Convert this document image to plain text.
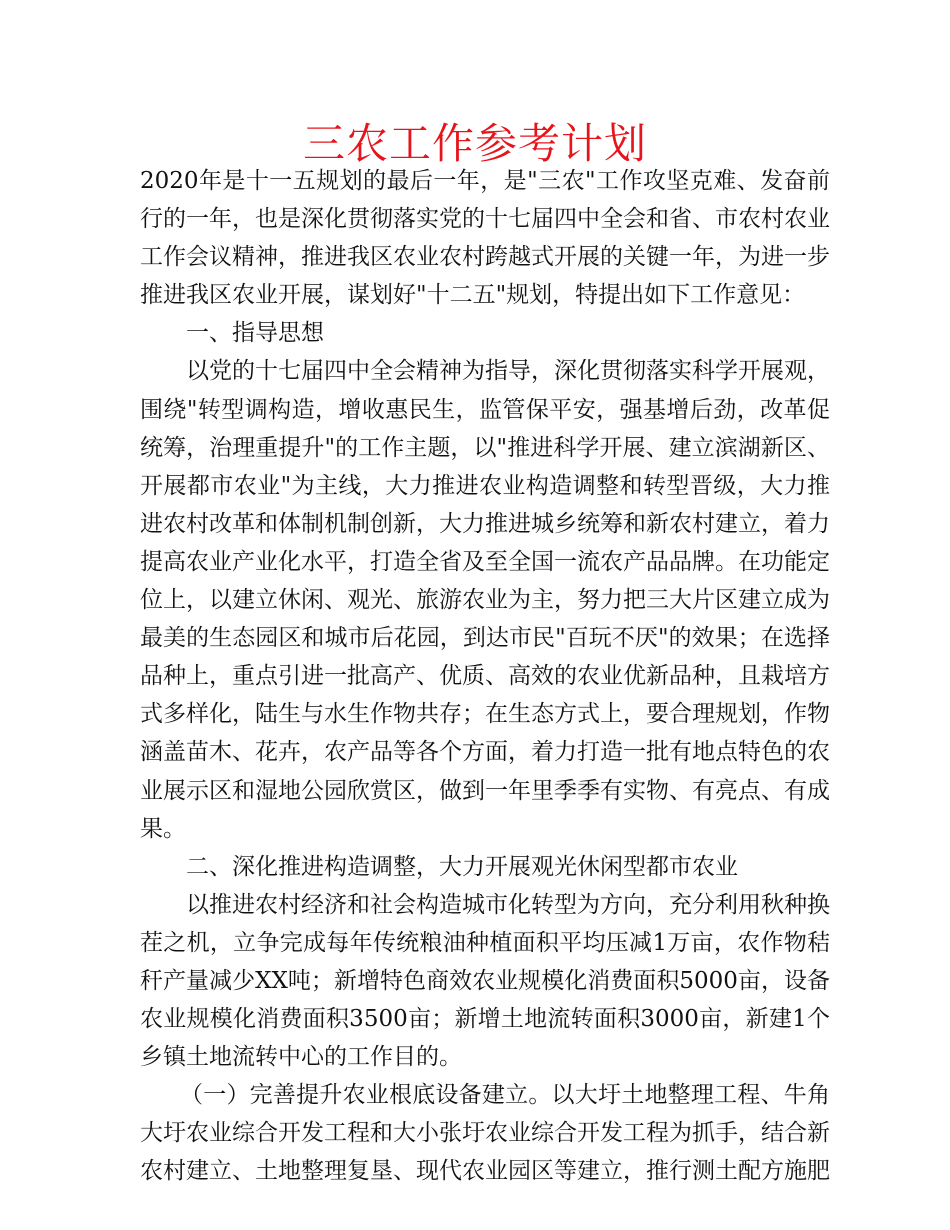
三农工作参考计划

2020年是十一五规划的最后一年，是"三农"工作攻坚克难、发奋前行的一年，也是深化贯彻落实党的十七届四中全会和省、市农村农业工作会议精神，推进我区农业农村跨越式开展的关键一年，为进一步推进我区农业开展，谋划好"十二五"规划，特提出如下工作意见：

一、指导思想

以党的十七届四中全会精神为指导，深化贯彻落实科学开展观，围绕"转型调构造，增收惠民生，监管保平安，强基增后劲，改革促统筹，治理重提升"的工作主题，以"推进科学开展、建立滨湖新区、开展都市农业"为主线，大力推进农业构造调整和转型晋级，大力推进农村改革和体制机制创新，大力推进城乡统筹和新农村建立，着力提高农业产业化水平，打造全省及至全国一流农产品品牌。在功能定位上，以建立休闲、观光、旅游农业为主，努力把三大片区建立成为最美的生态园区和城市后花园，到达市民"百玩不厌"的效果；在选择品种上，重点引进一批高产、优质、高效的农业优新品种，且栽培方式多样化，陆生与水生作物共存；在生态方式上，要合理规划，作物涵盖苗木、花卉，农产品等各个方面，着力打造一批有地点特色的农业展示区和湿地公园欣赏区，做到一年里季季有实物、有亮点、有成果。

二、深化推进构造调整，大力开展观光休闲型都市农业

以推进农村经济和社会构造城市化转型为方向，充分利用秋种换茬之机，立争完成每年传统粮油种植面积平均压减1万亩，农作物秸秆产量减少XX吨；新增特色商效农业规模化消费面积5000亩，设备农业规模化消费面积3500亩；新增土地流转面积3000亩，新建1个乡镇土地流转中心的工作目的。

（一）完善提升农业根底设备建立。以大圩土地整理工程、牛角大圩农业综合开发工程和大小张圩农业综合开发工程为抓手，结合新农村建立、土地整理复垦、现代农业园区等建立，推行测土配方施肥
